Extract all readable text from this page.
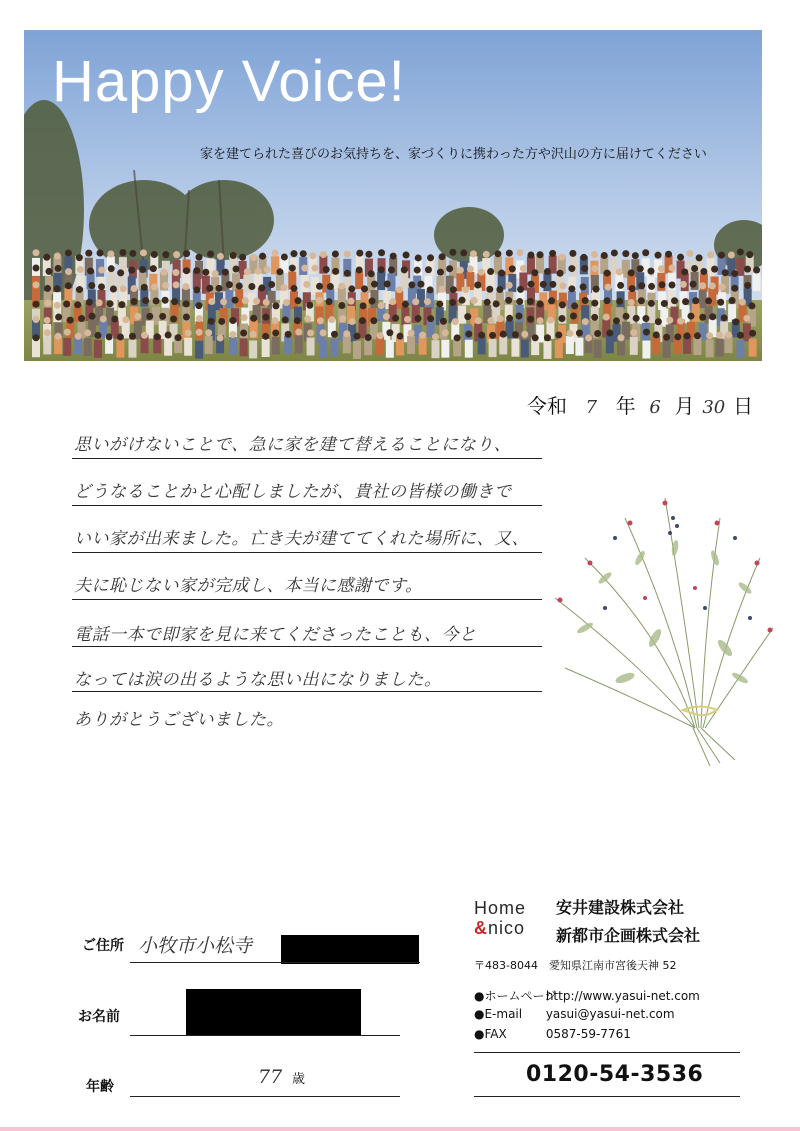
Happy Voice!
家を建てられた喜びのお気持ちを、家づくりに携わった方や沢山の方に届けてください
令和 7 年 6 月 30 日
思いがけないことで、急に家を建て替えることになり、
どうなることかと心配しましたが、貴社の皆様の働きで
いい家が出来ました。亡き夫が建ててくれた場所に、又、
夫に恥じない家が完成し、本当に感謝です。
電話一本で即家を見に来てくださったことも、今と
なっては涙の出るような思い出になりました。
ありがとうございました。
ご住所 小牧市小松寺
お名前
年齢	77 歳
Home
&nico
安井建設株式会社
新都市企画株式会社
〒483-8044　愛知県江南市宮後天神 52
●ホームページ http://www.yasui-net.com
●E-mail yasui@yasui-net.com
●FAX	0587-59-7761
0120-54-3536
